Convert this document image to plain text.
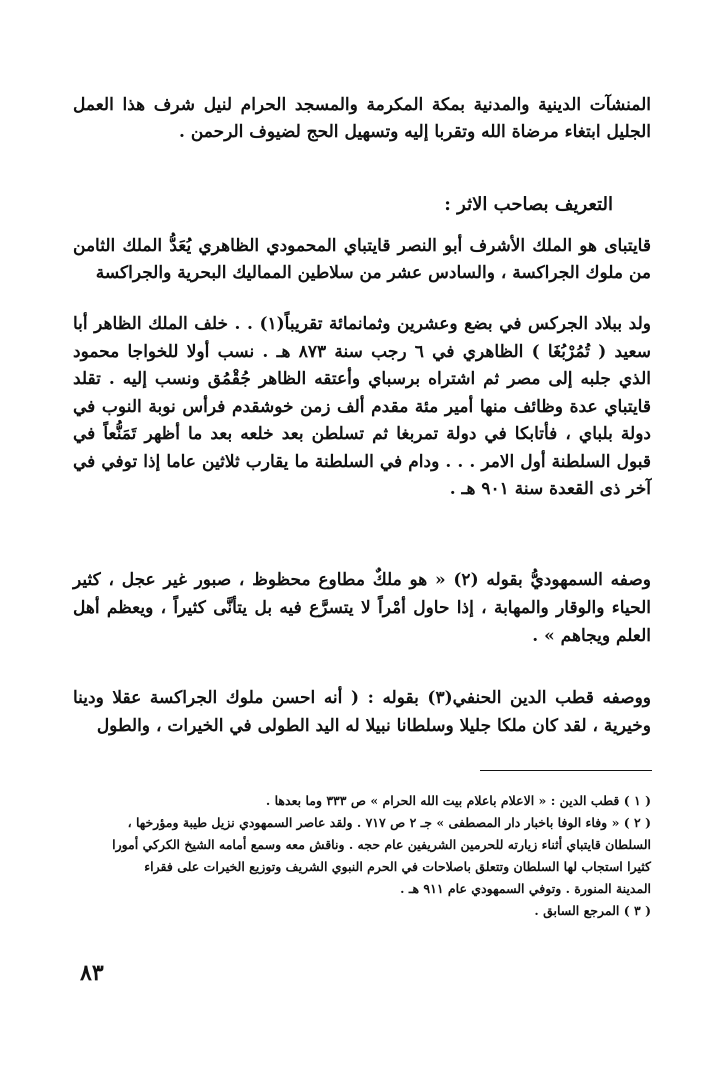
المنشآت الدينية والمدنية بمكة المكرمة والمسجد الحرام لنيل شرف هذا العمل الجليل ابتغاء مرضاة الله وتقربا إليه وتسهيل الحج لضيوف الرحمن .

التعريف بصاحب الاثر :

قايتباى هو الملك الأشرف أبو النصر قايتباي المحمودي الظاهري يُعَدُّ الملك الثامن من ملوك الجراكسة ، والسادس عشر من سلاطين المماليك البحرية والجراكسة

ولد ببلاد الجركس في بضع وعشرين وثمانمائة تقريباً(١) . . خلف الملك الظاهر أبا سعيد ( تُمُرْبُغَا ) الظاهري في ٦ رجب سنة ٨٧٣ هـ . نسب أولا للخواجا محمود الذي جلبه إلى مصر ثم اشتراه برسباي وأعتقه الظاهر جُقْمُق ونسب إليه . تقلد قايتباي عدة وظائف منها أمير مئة مقدم ألف زمن خوشقدم فرأس نوبة النوب في دولة بلباي ، فأتابكا في دولة تمربغا ثم تسلطن بعد خلعه بعد ما أظهر تَمَنُّعاً في قبول السلطنة أول الامر . . . ودام في السلطنة ما يقارب ثلاثين عاما إذا توفي في آخر ذى القعدة سنة ٩٠١ هـ .

وصفه السمهوديُّ بقوله (٢) « هو ملكٌ مطاوع محظوظ ، صبور غير عجل ، كثير الحياء والوقار والمهابة ، إذا حاول أمْراً لا يتسرَّع فيه بل يتأنَّى كثيراً ، ويعظم أهل العلم ويجاهم » .

ووصفه قطب الدين الحنفي(٣) بقوله : ( أنه احسن ملوك الجراكسة عقلا ودينا وخيرية ، لقد كان ملكا جليلا وسلطانا نبيلا له اليد الطولى في الخيرات ، والطول

( ١ ) قطب الدين : « الاعلام باعلام بيت الله الحرام » ص ٣٣٣ وما بعدها .
( ٢ ) « وفاء الوفا باخبار دار المصطفى » جـ ٢ ص ٧١٧ . ولقد عاصر السمهودي نزيل طيبة ومؤرخها ،
السلطان قايتباي أثناء زيارته للحرمين الشريفين عام حجه . وناقش معه وسمع أمامه الشيخ الكركي أمورا
كثيرا استجاب لها السلطان وتتعلق باصلاحات في الحرم النبوي الشريف وتوزيع الخيرات على فقراء
المدينة المنورة . وتوفي السمهودي عام ٩١١ هـ .
( ٣ ) المرجع السابق .
٨٣
